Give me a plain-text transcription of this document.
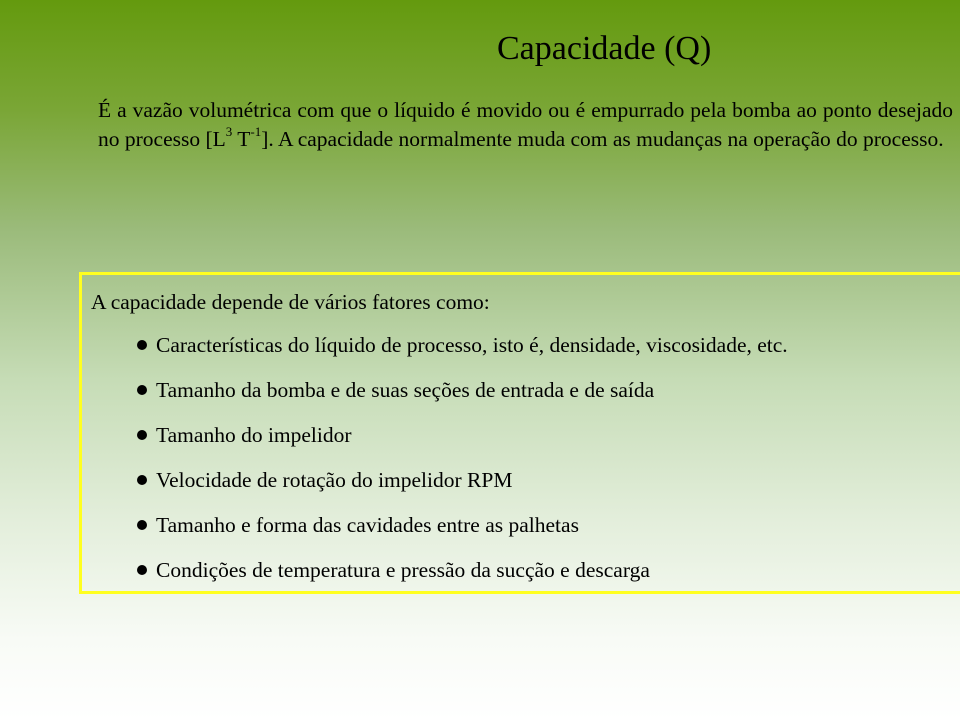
Capacidade (Q)

É a vazão volumétrica com que o líquido é movido ou é empurrado pela bomba ao ponto desejado no processo [$L^3$ $T^{-1}$]. A capacidade normalmente muda com as mudanças na operação do processo.

A capacidade depende de vários fatores como:
Características do líquido de processo, isto é, densidade, viscosidade, etc.
Tamanho da bomba e de suas seções de entrada e de saída
Tamanho do impelidor
Velocidade de rotação do impelidor RPM
Tamanho e forma das cavidades entre as palhetas
Condições de temperatura e pressão da sucção e descarga
